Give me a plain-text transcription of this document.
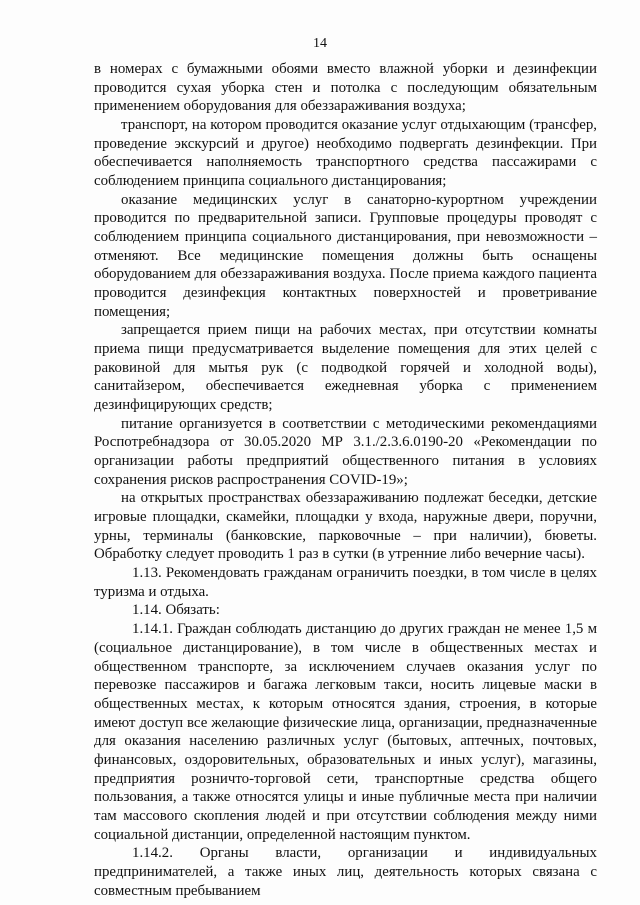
14

в номерах с бумажными обоями вместо влажной уборки и дезинфекции проводится сухая уборка стен и потолка с последующим обязательным применением оборудования для обеззараживания воздуха;

транспорт, на котором проводится оказание услуг отдыхающим (трансфер, проведение экскурсий и другое) необходимо подвергать дезинфекции. При обеспечивается наполняемость транспортного средства пассажирами с соблюдением принципа социального дистанцирования;

оказание медицинских услуг в санаторно-курортном учреждении проводится по предварительной записи. Групповые процедуры проводят с соблюдением принципа социального дистанцирования, при невозможности – отменяют. Все медицинские помещения должны быть оснащены оборудованием для обеззараживания воздуха. После приема каждого пациента проводится дезинфекция контактных поверхностей и проветривание помещения;

запрещается прием пищи на рабочих местах, при отсутствии комнаты приема пищи предусматривается выделение помещения для этих целей с раковиной для мытья рук (с подводкой горячей и холодной воды), санитайзером, обеспечивается ежедневная уборка с применением дезинфицирующих средств;

питание организуется в соответствии с методическими рекомендациями Роспотребнадзора от 30.05.2020 МР 3.1./2.3.6.0190-20 «Рекомендации по организации работы предприятий общественного питания в условиях сохранения рисков распространения COVID-19»;

на открытых пространствах обеззараживанию подлежат беседки, детские игровые площадки, скамейки, площадки у входа, наружные двери, поручни, урны, терминалы (банковские, парковочные – при наличии), бюветы. Обработку следует проводить 1 раз в сутки (в утренние либо вечерние часы).

1.13. Рекомендовать гражданам ограничить поездки, в том числе в целях туризма и отдыха.

1.14. Обязать:

1.14.1. Граждан соблюдать дистанцию до других граждан не менее 1,5 м (социальное дистанцирование), в том числе в общественных местах и общественном транспорте, за исключением случаев оказания услуг по перевозке пассажиров и багажа легковым такси, носить лицевые маски в общественных местах, к которым относятся здания, строения, в которые имеют доступ все желающие физические лица, организации, предназначенные для оказания населению различных услуг (бытовых, аптечных, почтовых, финансовых, оздоровительных, образовательных и иных услуг), магазины, предприятия розничто-торговой сети, транспортные средства общего пользования, а также относятся улицы и иные публичные места при наличии там массового скопления людей и при отсутствии соблюдения между ними социальной дистанции, определенной настоящим пунктом.

1.14.2. Органы власти, организации и индивидуальных предпринимателей, а также иных лиц, деятельность которых связана с совместным пребыванием
